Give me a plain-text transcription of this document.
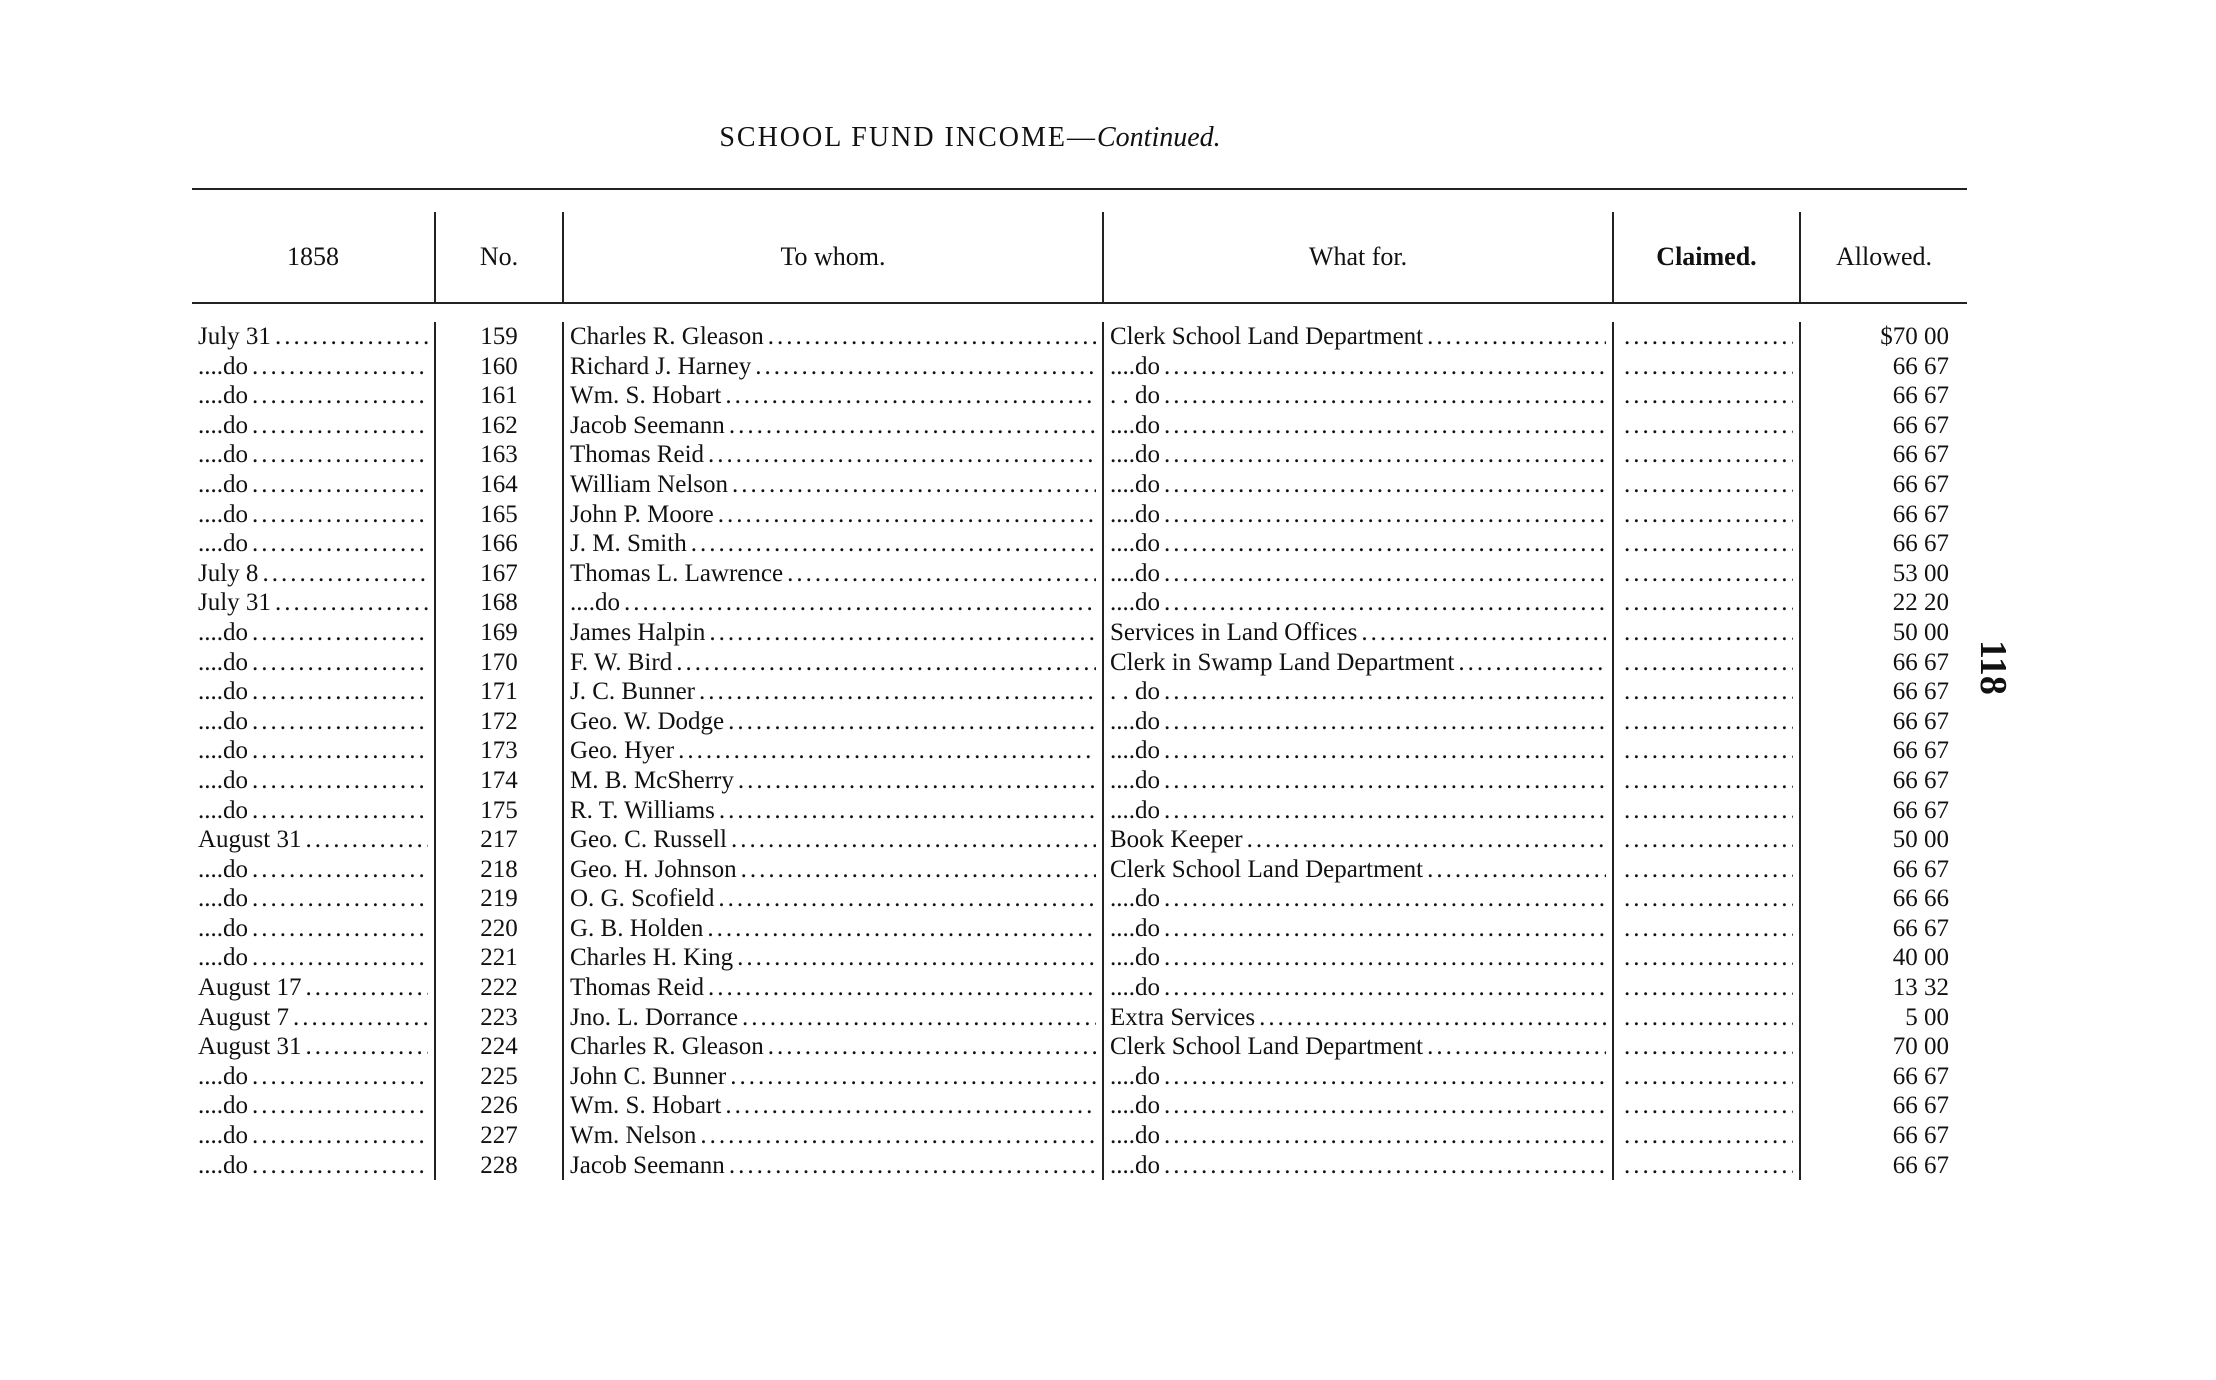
SCHOOL FUND INCOME—Continued.
118
1858	No.	To whom.	What for.	Claimed.	Allowed.
July 31 .....	159	Charles R. Gleason .....	Clerk School Land Department ..... .....	$70 00
....do .....	160	Richard J. Harney .....	....do ..... .....	66 67
....do .....	161	Wm. S. Hobart .....	. . do ..... .....	66 67
....do .....	162	Jacob Seemann .....	....do ..... .....	66 67
....do .....	163	Thomas Reid .....	....do ..... .....	66 67
....do .....	164	William Nelson .....	....do ..... .....	66 67
....do .....	165	John P. Moore .....	....do ..... .....	66 67
....do .....	166	J. M. Smith .....	....do ..... .....	66 67
July 8 .....	167	Thomas L. Lawrence .....	....do ..... .....	53 00
July 31 .....	168	....do .....	....do ..... .....	22 20
....do .....	169	James Halpin .....	Services in Land Offices ..... .....	50 00
....do .....	170	F. W. Bird .....	Clerk in Swamp Land Department ..... .....	66 67
....do .....	171	J. C. Bunner .....	. . do ..... .....	66 67
....do .....	172	Geo. W. Dodge .....	....do ..... .....	66 67
....do .....	173	Geo. Hyer .....	....do ..... .....	66 67
....do .....	174	M. B. McSherry .....	....do ..... .....	66 67
....do .....	175	R. T. Williams .....	....do ..... .....	66 67
August 31 .....	217	Geo. C. Russell .....	Book Keeper ..... .....	50 00
....do .....	218	Geo. H. Johnson .....	Clerk School Land Department ..... .....	66 67
....do .....	219	O. G. Scofield .....	....do ..... .....	66 66
....do .....	220	G. B. Holden .....	....do ..... .....	66 67
....do .....	221	Charles H. King .....	....do ..... .....	40 00
August 17 .....	222	Thomas Reid .....	....do ..... .....	13 32
August 7 .....	223	Jno. L. Dorrance .....	Extra Services ..... .....	5 00
August 31 .....	224	Charles R. Gleason .....	Clerk School Land Department ..... .....	70 00
....do .....	225	John C. Bunner .....	....do ..... .....	66 67
....do .....	226	Wm. S. Hobart .....	....do ..... .....	66 67
....do .....	227	Wm. Nelson .....	....do ..... .....	66 67
....do .....	228	Jacob Seemann .....	....do ..... .....	66 67
